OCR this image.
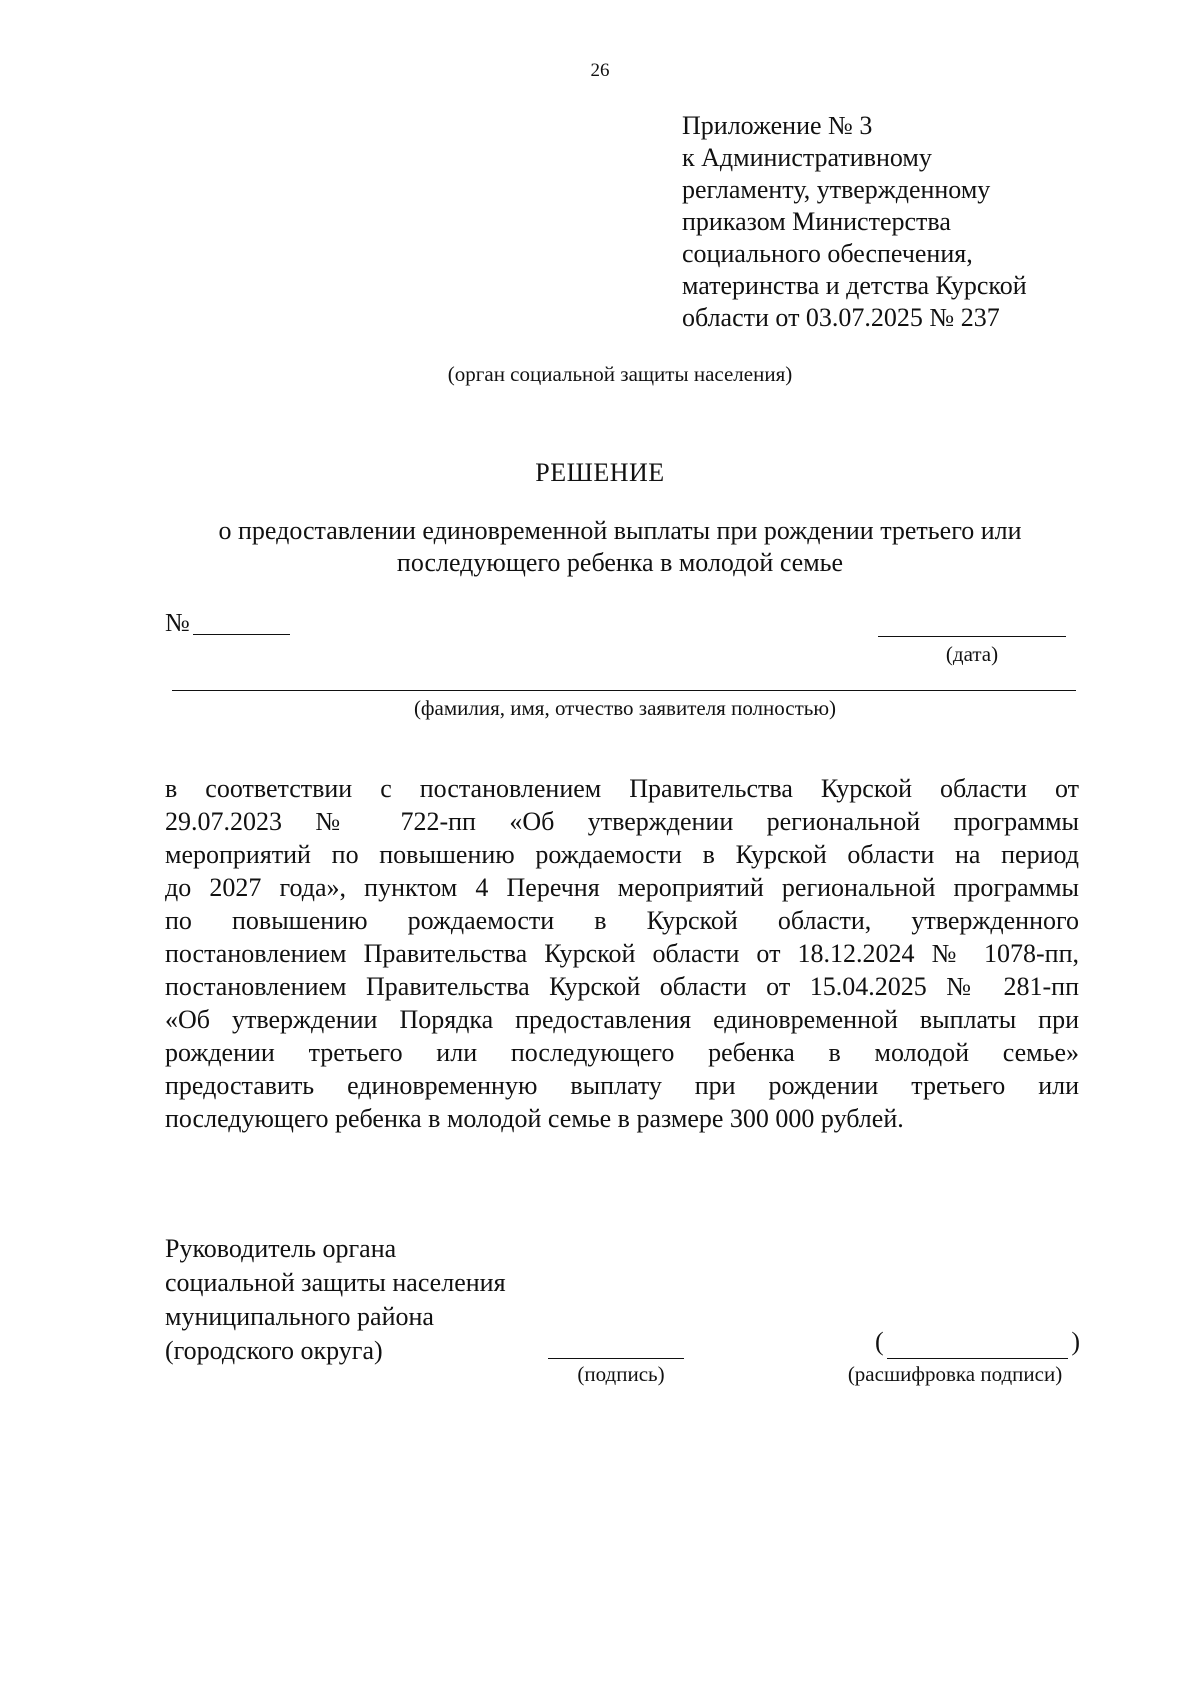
26
Приложение № 3
к Административному
регламенту, утвержденному
приказом Министерства
социального обеспечения,
материнства и детства Курской
области от 03.07.2025 № 237
(орган социальной защиты населения)
РЕШЕНИЕ
о предоставлении единовременной выплаты при рождении третьего или
последующего ребенка в молодой семье
№
(дата)
(фамилия, имя, отчество заявителя полностью)
в соответствии с постановлением Правительства Курской области от
29.07.2023 № 722-пп «Об утверждении региональной программы
мероприятий по повышению рождаемости в Курской области на период
до 2027 года», пунктом 4 Перечня мероприятий региональной программы
по повышению рождаемости в Курской области, утвержденного
постановлением Правительства Курской области от 18.12.2024 № 1078-пп,
постановлением Правительства Курской области от 15.04.2025 № 281-пп
«Об утверждении Порядка предоставления единовременной выплаты при
рождении третьего или последующего ребенка в молодой семье»
предоставить единовременную выплату при рождении третьего или
последующего ребенка в молодой семье в размере 300 000 рублей.
Руководитель органа
социальной защиты населения
муниципального района
(городского округа)
(подпись)
(	)
(расшифровка подписи)
